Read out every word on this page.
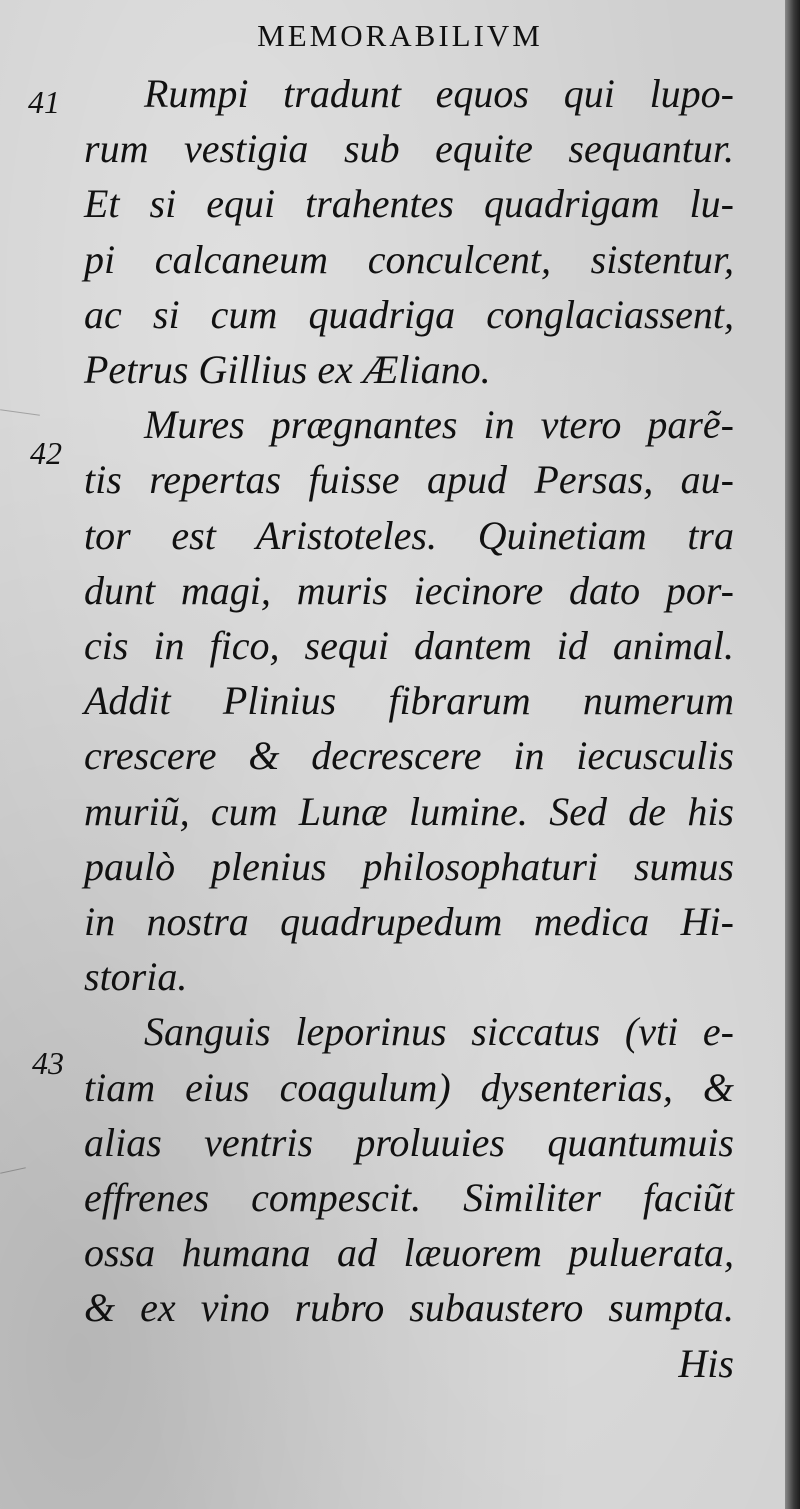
MEMORABILIVM
41
42
43
Rumpi tradunt equos qui lupo-
rum vestigia sub equite sequantur.
Et si equi trahentes quadrigam lu-
pi calcaneum conculcent, sistentur,
ac si cum quadriga conglaciassent,
Petrus Gillius ex Æliano.
Mures prægnantes in vtero parẽ-
tis repertas fuisse apud Persas, au-
tor est Aristoteles. Quinetiam tra
dunt magi, muris iecinore dato por-
cis in fico, sequi dantem id animal.
Addit Plinius fibrarum numerum
crescere & decrescere in iecusculis
muriũ, cum Lunæ lumine. Sed de his
paulò plenius philosophaturi sumus
in nostra quadrupedum medica Hi-
storia.
Sanguis leporinus siccatus (vti e-
tiam eius coagulum) dysenterias, &
alias ventris proluuies quantumuis
effrenes compescit. Similiter faciũt
ossa humana ad læuorem puluerata,
& ex vino rubro subaustero sumpta.
His
